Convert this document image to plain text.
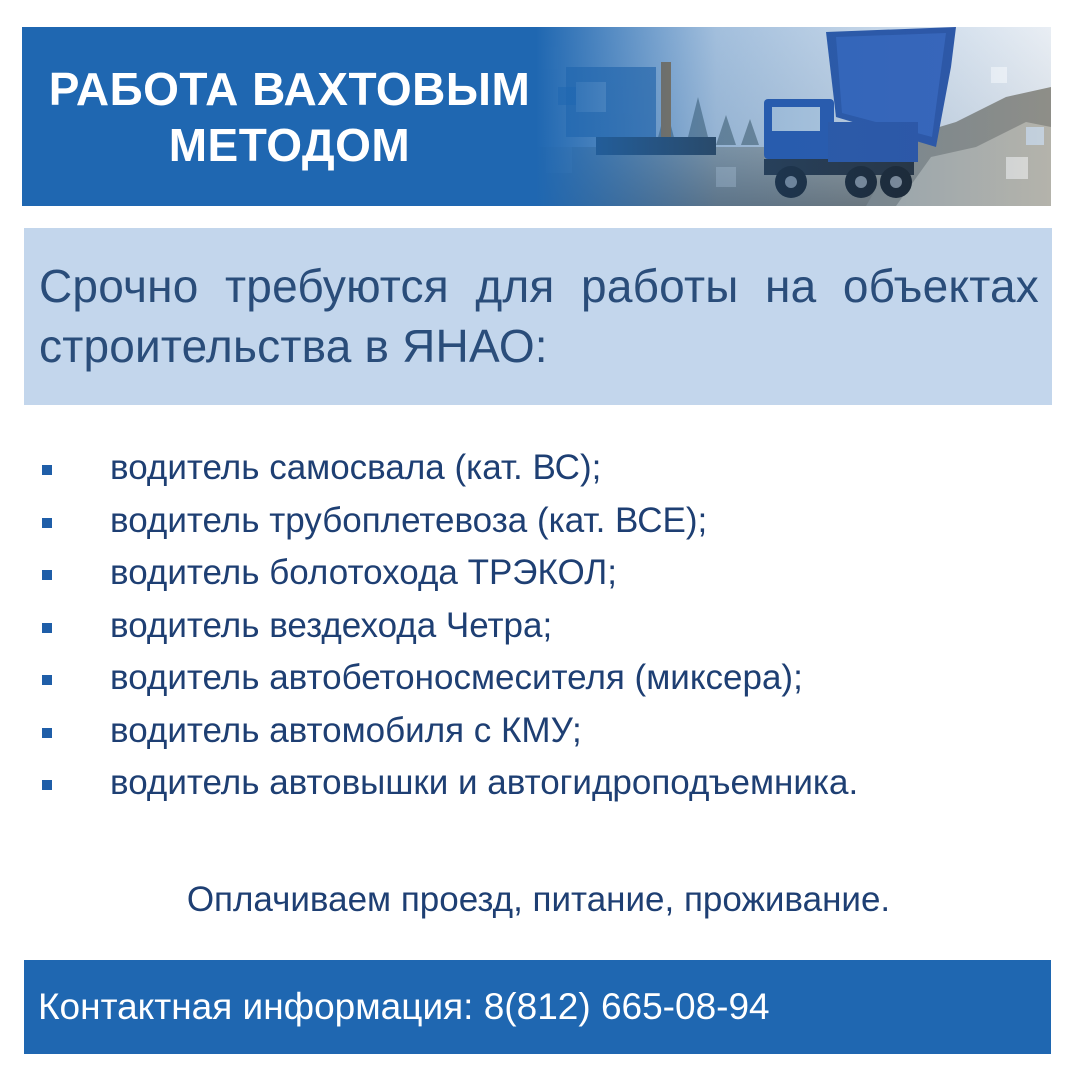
РАБОТА ВАХТОВЫМ
МЕТОДОМ
Срочно требуются для работы на объектах строительства в ЯНАО:
водитель самосвала (кат. ВС);
водитель трубоплетевоза (кат. ВСЕ);
водитель болотохода ТРЭКОЛ;
водитель вездехода Четра;
водитель автобетоносмесителя (миксера);
водитель автомобиля с КМУ;
водитель автовышки и автогидроподъемника.
Оплачиваем проезд, питание, проживание.
Контактная информация: 8(812) 665-08-94
